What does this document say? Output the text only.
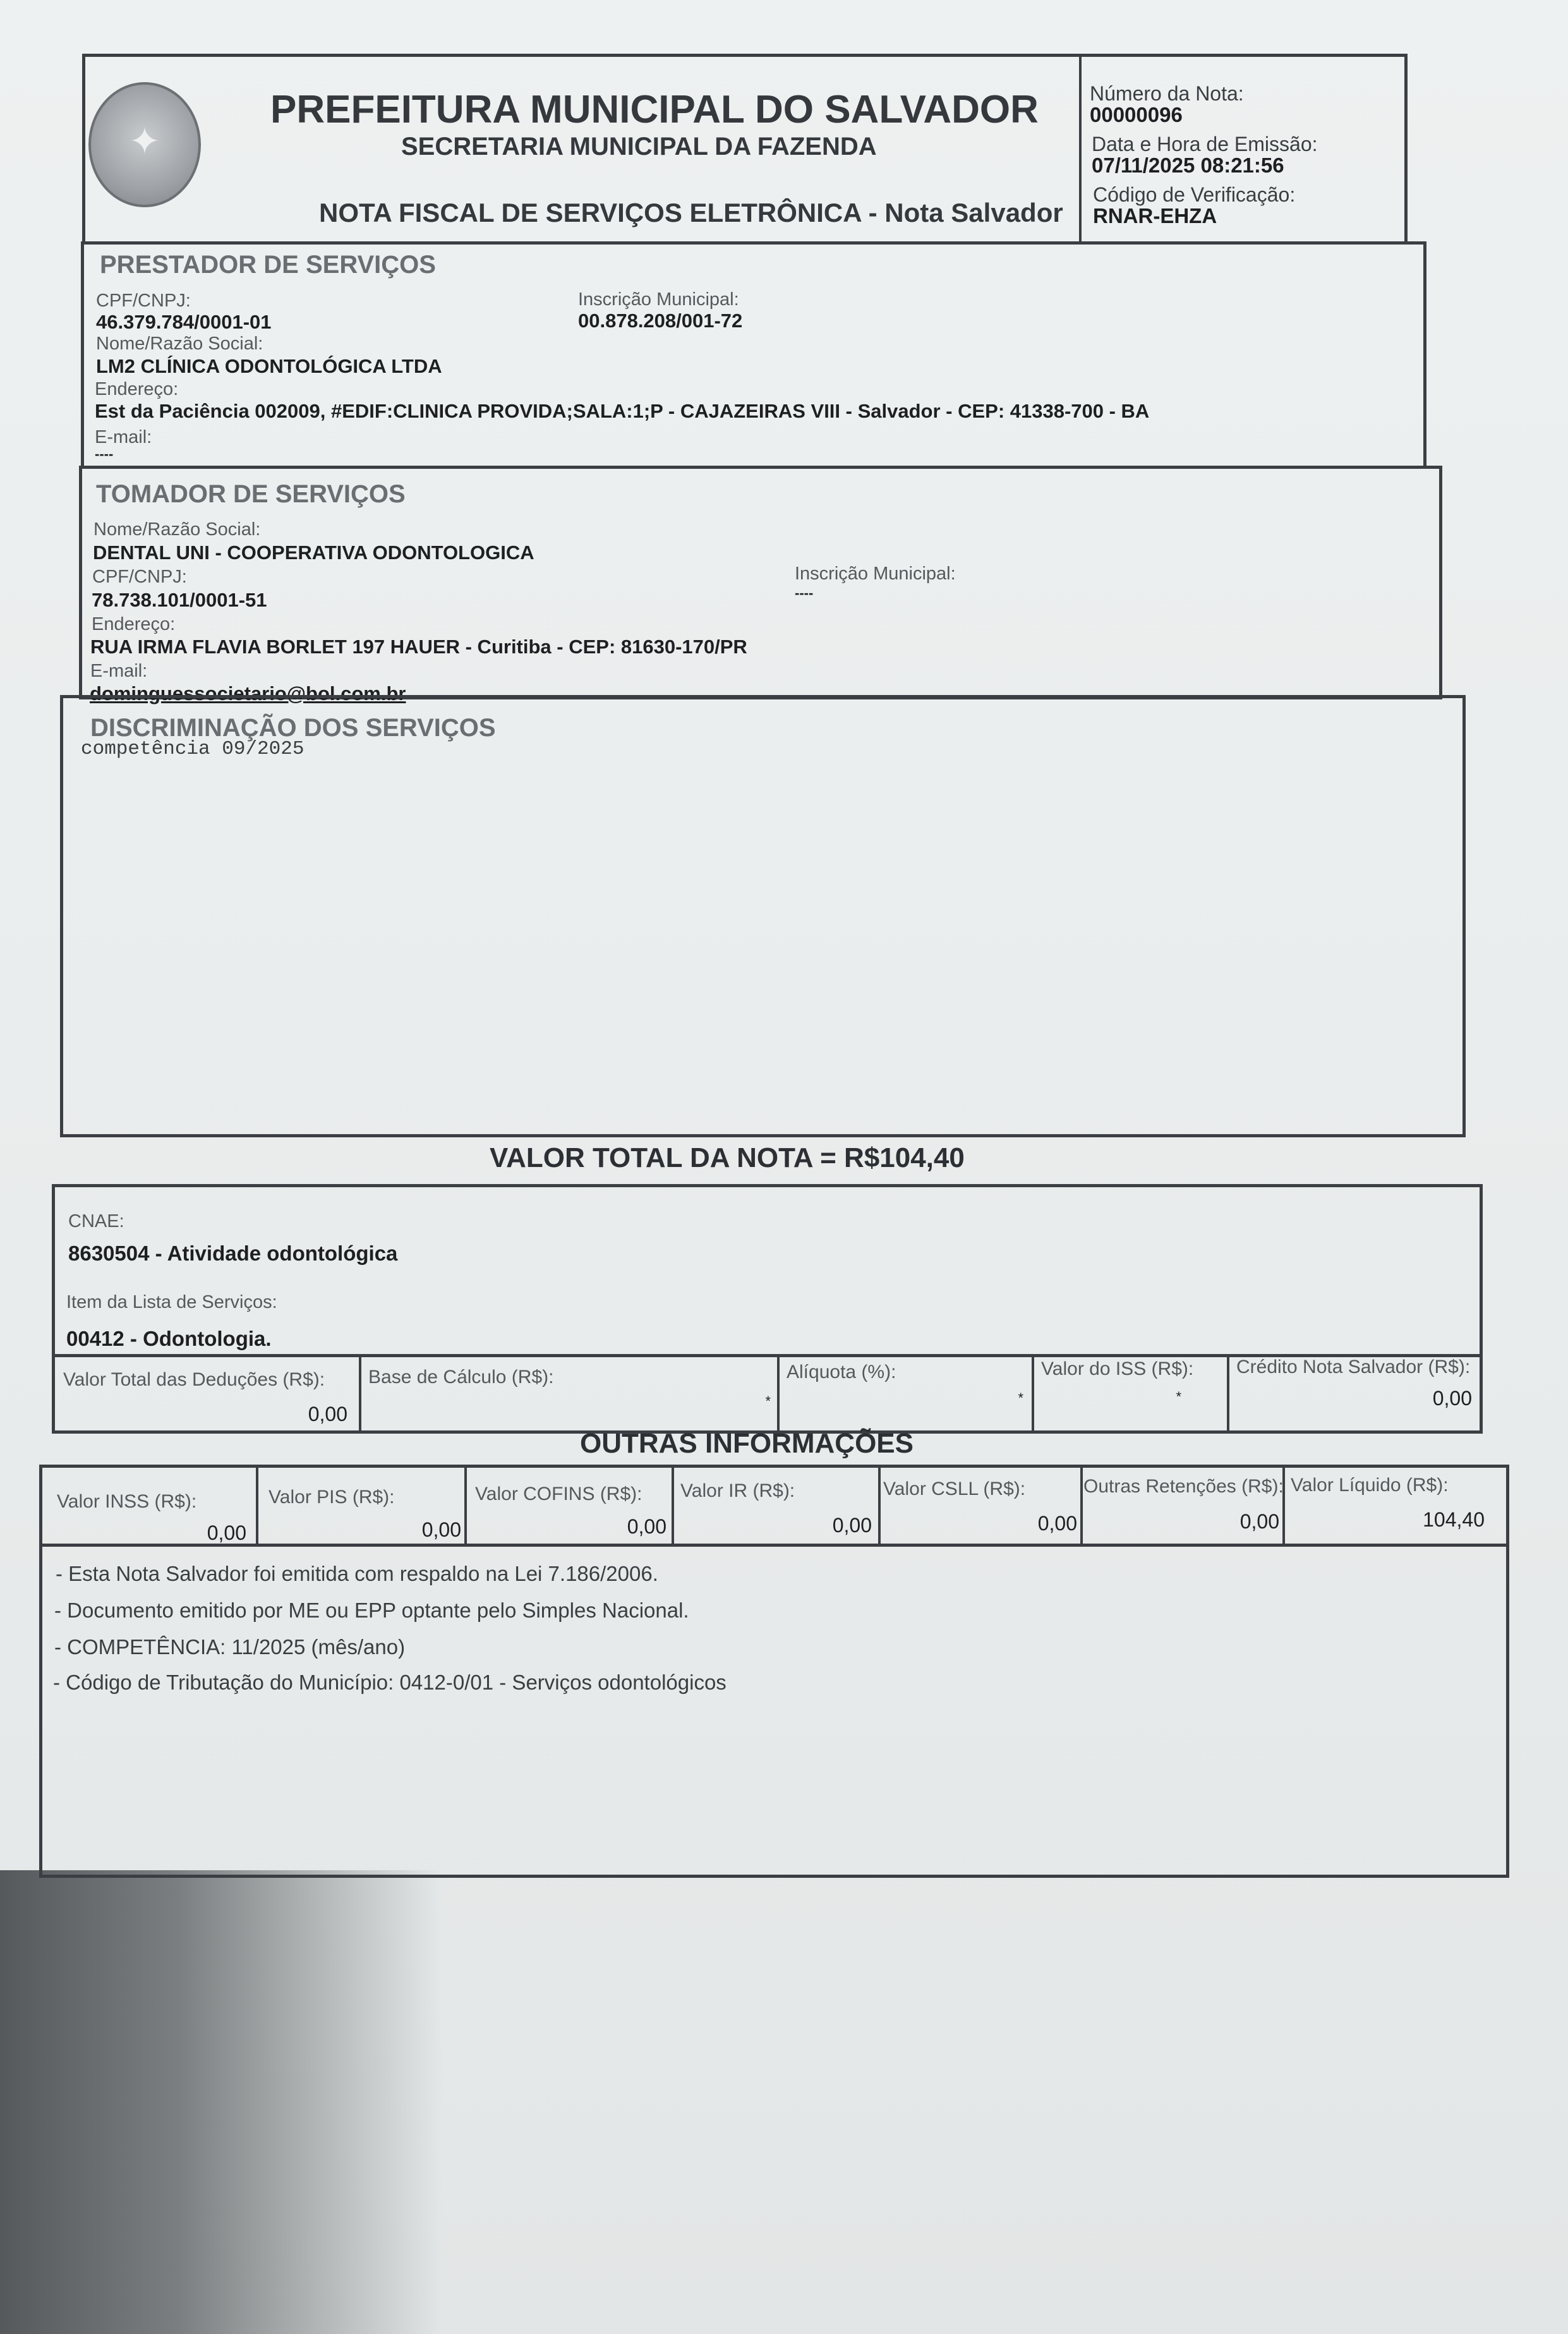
✦

PREFEITURA MUNICIPAL DO SALVADOR

SECRETARIA MUNICIPAL DA FAZENDA

NOTA FISCAL DE SERVIÇOS ELETRÔNICA - Nota Salvador

Número da Nota:

00000096

Data e Hora de Emissão:

07/11/2025 08:21:56

Código de Verificação:

RNAR-EHZA

PRESTADOR DE SERVIÇOS

CPF/CNPJ:

46.379.784/0001-01

Inscrição Municipal:

00.878.208/001-72

Nome/Razão Social:

LM2 CLÍNICA ODONTOLÓGICA LTDA

Endereço:

Est da Paciência 002009, #EDIF:CLINICA PROVIDA;SALA:1;P - CAJAZEIRAS VIII - Salvador - CEP: 41338-700 - BA

E-mail:

----

TOMADOR DE SERVIÇOS

Nome/Razão Social:

DENTAL UNI - COOPERATIVA ODONTOLOGICA

CPF/CNPJ:

78.738.101/0001-51

Inscrição Municipal:

----

Endereço:

RUA IRMA FLAVIA BORLET 197 HAUER - Curitiba - CEP: 81630-170/PR

E-mail:

dominguessocietario@bol.com.br

DISCRIMINAÇÃO DOS SERVIÇOS

competência 09/2025

VALOR TOTAL DA NOTA = R$104,40

CNAE:

8630504 - Atividade odontológica

Item da Lista de Serviços:

00412 - Odontologia.

Valor Total das Deduções (R$):

0,00

Base de Cálculo (R$):

*

Alíquota (%):

*

Valor do ISS (R$):

*

Crédito Nota Salvador (R$):

0,00

OUTRAS INFORMAÇÕES

Valor INSS (R$):

0,00

Valor PIS (R$):

0,00

Valor COFINS (R$):

0,00

Valor IR (R$):

0,00

Valor CSLL (R$):

0,00

Outras Retenções (R$):

0,00

Valor Líquido (R$):

104,40

- Esta Nota Salvador foi emitida com respaldo na Lei 7.186/2006.

- Documento emitido por ME ou EPP optante pelo Simples Nacional.

- COMPETÊNCIA: 11/2025 (mês/ano)

- Código de Tributação do Município: 0412-0/01 - Serviços odontológicos
